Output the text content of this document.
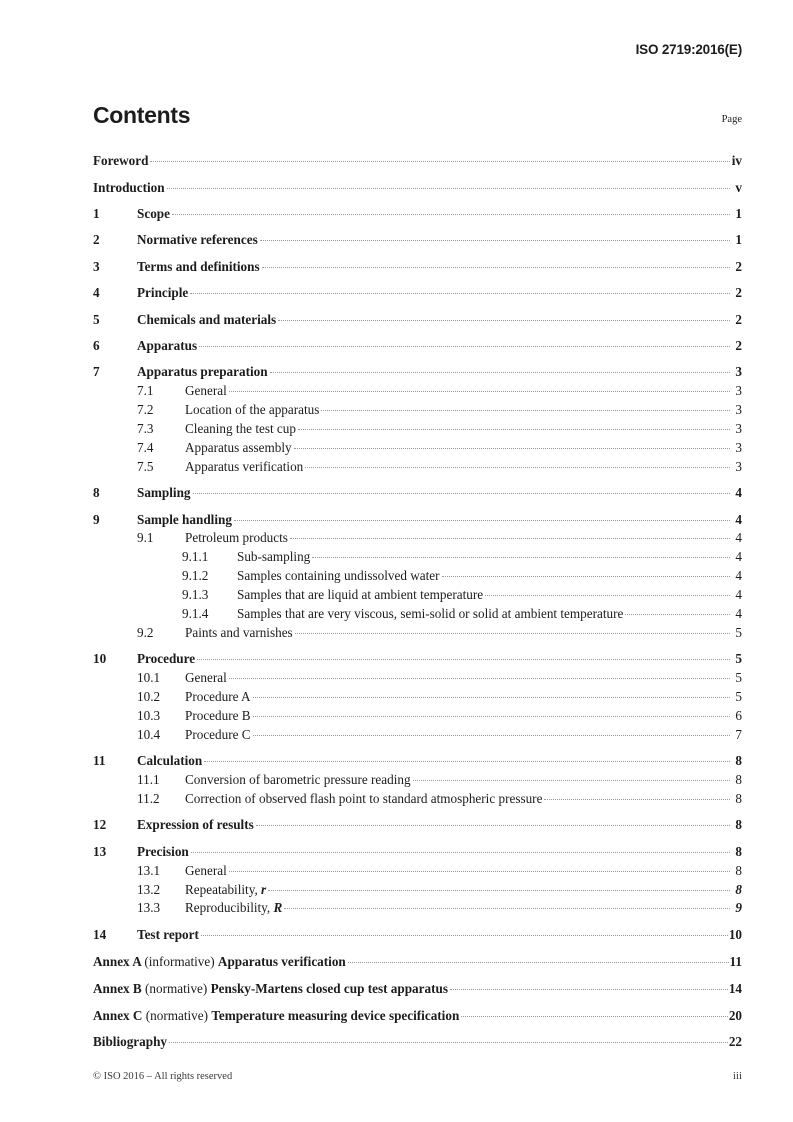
ISO 2719:2016(E)
Contents	Page
Foreword	iv
Introduction	v
1	Scope	1
2	Normative references	1
3	Terms and definitions	2
4	Principle	2
5	Chemicals and materials	2
6	Apparatus	2
7	Apparatus preparation	3
7.1	General	3
7.2	Location of the apparatus	3
7.3	Cleaning the test cup	3
7.4	Apparatus assembly	3
7.5	Apparatus verification	3
8	Sampling	4
9	Sample handling	4
9.1	Petroleum products	4
9.1.1	Sub-sampling	4
9.1.2	Samples containing undissolved water	4
9.1.3	Samples that are liquid at ambient temperature	4
9.1.4	Samples that are very viscous, semi-solid or solid at ambient temperature	4
9.2	Paints and varnishes	5
10	Procedure	5
10.1	General	5
10.2	Procedure A	5
10.3	Procedure B	6
10.4	Procedure C	7
11	Calculation	8
11.1	Conversion of barometric pressure reading	8
11.2	Correction of observed flash point to standard atmospheric pressure	8
12	Expression of results	8
13	Precision	8
13.1	General	8
13.2	Repeatability, r	8
13.3	Reproducibility, R	9
14	Test report	10
Annex A (informative) Apparatus verification	11
Annex B (normative) Pensky-Martens closed cup test apparatus	14
Annex C (normative) Temperature measuring device specification	20
Bibliography	22
© ISO 2016 – All rights reserved	iii
